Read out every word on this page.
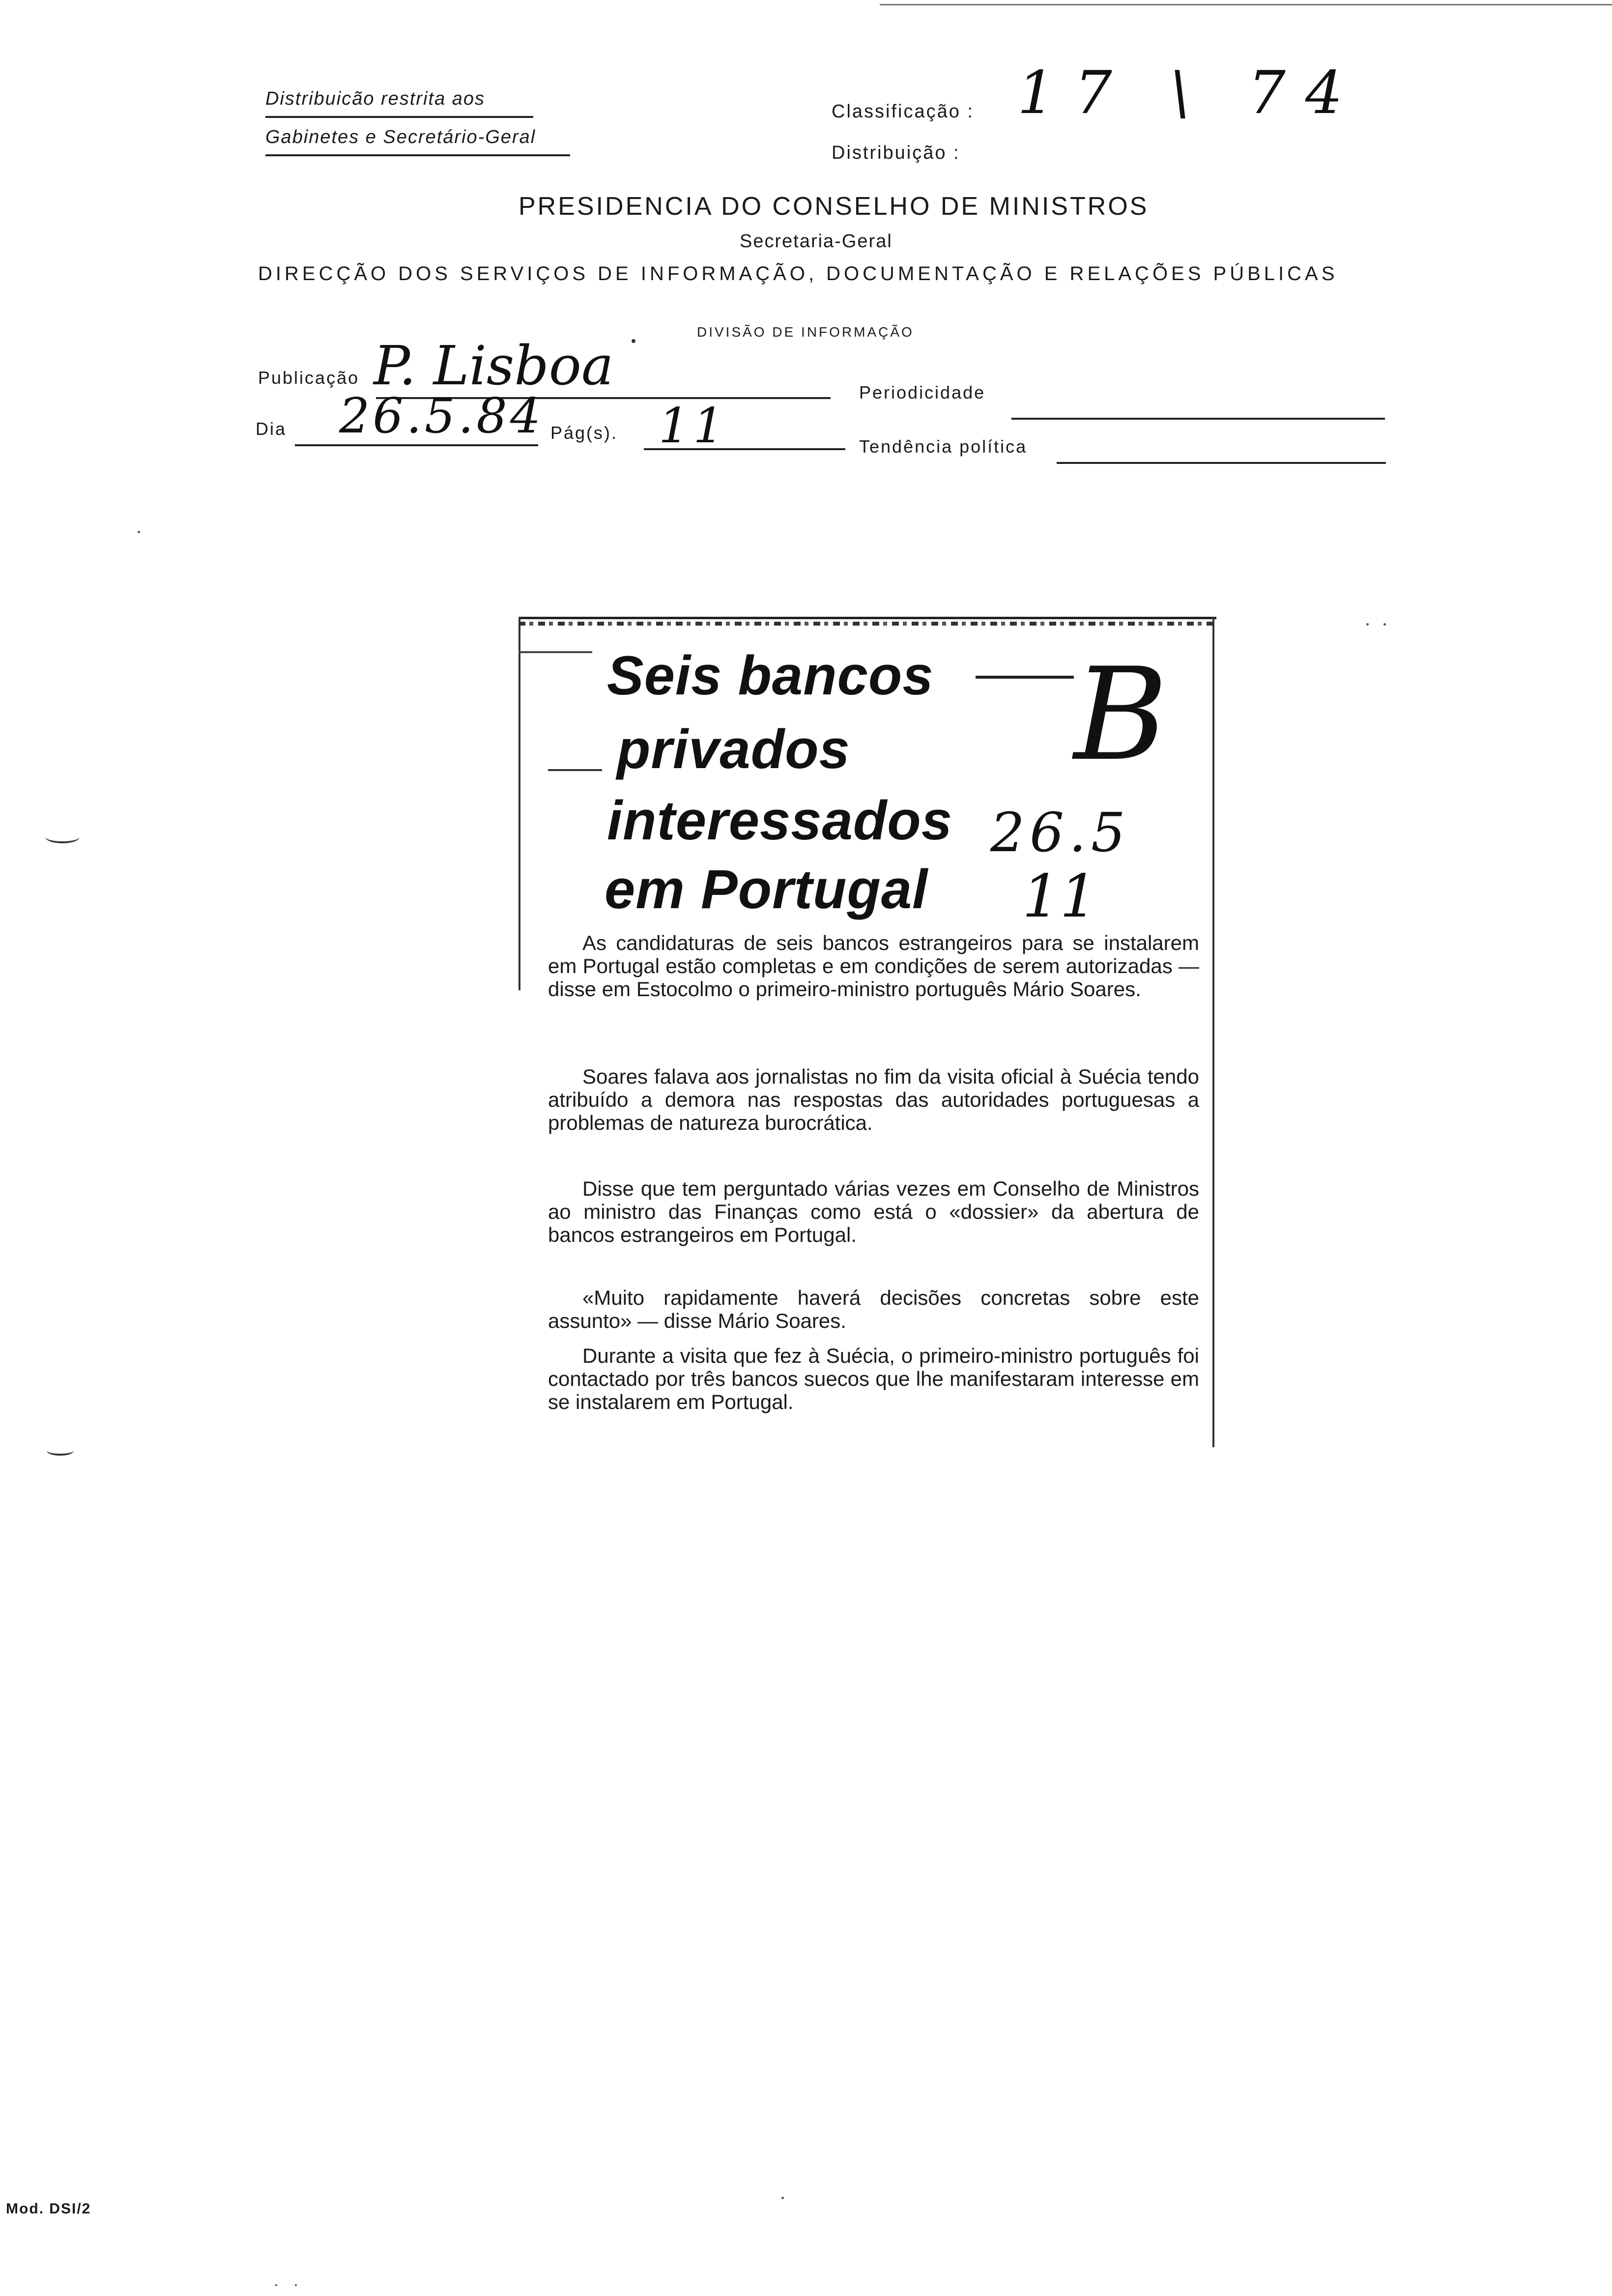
Distribuicão restrita aos
Gabinetes e Secretário-Geral
Classificação :
Distribuição :
17 \ 74
PRESIDENCIA DO CONSELHO DE MINISTROS
Secretaria-Geral
DIRECÇÃO DOS SERVIÇOS DE INFORMAÇÃO, DOCUMENTAÇÃO E RELAÇÕES PÚBLICAS
DIVISÃO DE INFORMAÇÃO
Publicação P. Lisboa	Periodicidade
Dia 26.5.84 Pág(s). 11	Tendência política
Seis bancos
privados
interessados
em Portugal
B
26.5
11

As candidaturas de seis bancos estrangeiros para se instalarem em Portugal estão completas e em condições de serem autorizadas — disse em Estocolmo o primeiro-ministro português Mário Soares.

Soares falava aos jornalistas no fim da visita oficial à Suécia tendo atribuído a demora nas respostas das autoridades portuguesas a problemas de natureza burocrática.

Disse que tem perguntado várias vezes em Conselho de Ministros ao ministro das Finanças como está o «dossier» da abertura de bancos estrangeiros em Portugal.

«Muito rapidamente haverá decisões concretas sobre este assunto» — disse Mário Soares.

Durante a visita que fez à Suécia, o primeiro-ministro português foi contactado por três bancos suecos que lhe manifestaram interesse em se instalarem em Portugal.

Mod. DSI/2
